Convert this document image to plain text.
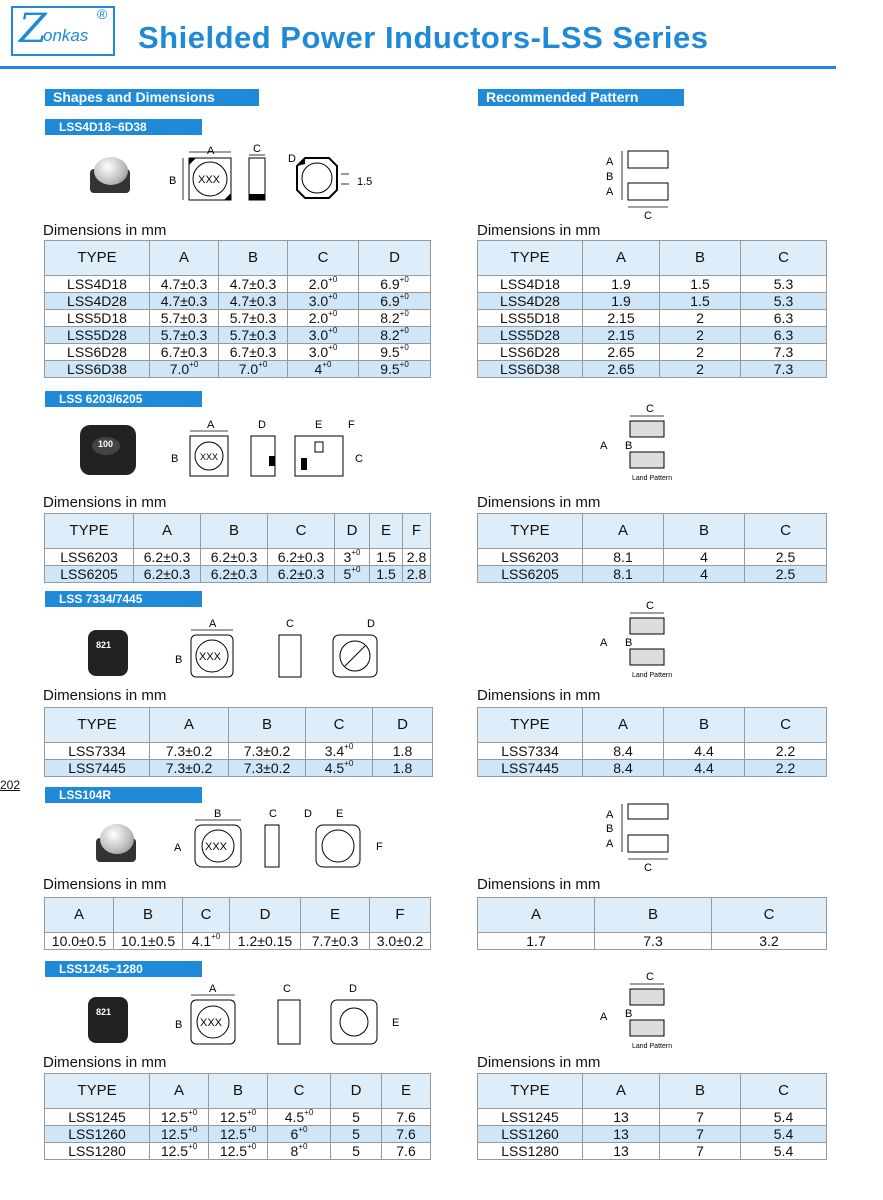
Z
onkas
®
Shielded Power Inductors-LSS Series
202
Shapes and Dimensions	Recommended Pattern
LSS4D18~6D38
LSS 6203/6205
LSS 7334/7445
LSS104R
LSS1245~1280
Dimensions in mm	Dimensions in mm
Dimensions in mm	Dimensions in mm
Dimensions in mm	Dimensions in mm
Dimensions in mm	Dimensions in mm
Dimensions in mm	Dimensions in mm
A
XXX
B
C
D
1.5
A
B
A
C
100
A
XXX
B
D	E F
C
C
A B
Land Pattern
821
A
XXX
B
C	D
C
A B
Land Pattern
B
XXX
A
C D E
F
A
B
A
C
821
A
XXX
B
C	D
E
C
A B
Land Pattern
TYPE	A	B	C	D
LSS4D18	4.7±0.3	4.7±0.3	$2.0^{+0}$	$6.9^{+0}$
LSS4D28	4.7±0.3	4.7±0.3	$3.0^{+0}$	$6.9^{+0}$
LSS5D18	5.7±0.3	5.7±0.3	$2.0^{+0}$	$8.2^{+0}$
LSS5D28	5.7±0.3	5.7±0.3	$3.0^{+0}$	$8.2^{+0}$
LSS6D28	6.7±0.3	6.7±0.3	$3.0^{+0}$	$9.5^{+0}$
LSS6D38	$7.0^{+0}$	$7.0^{+0}$	$4^{+0}$	$9.5^{+0}$
TYPE	A	B	C
LSS4D18	1.9	1.5	5.3
LSS4D28	1.9	1.5	5.3
LSS5D18	2.15	2	6.3
LSS5D28	2.15	2	6.3
LSS6D28	2.65	2	7.3
LSS6D38	2.65	2	7.3
TYPE	A	B	C	D	E	F
LSS6203	6.2±0.3	6.2±0.3	6.2±0.3	$3^{+0}$	1.5	2.8
LSS6205	6.2±0.3	6.2±0.3	6.2±0.3	$5^{+0}$	1.5	2.8
TYPE	A	B	C
LSS6203	8.1	4	2.5
LSS6205	8.1	4	2.5
TYPE	A	B	C	D
LSS7334	7.3±0.2	7.3±0.2	$3.4^{+0}$	1.8
LSS7445	7.3±0.2	7.3±0.2	$4.5^{+0}$	1.8
TYPE	A	B	C
LSS7334	8.4	4.4	2.2
LSS7445	8.4	4.4	2.2
A	B	C	D	E	F
10.0±0.5	10.1±0.5	$4.1^{+0}$	1.2±0.15	7.7±0.3	3.0±0.2
A	B	C
1.7	7.3	3.2
TYPE	A	B	C	D	E
LSS1245	$12.5^{+0}$	$12.5^{+0}$	$4.5^{+0}$	5	7.6
LSS1260	$12.5^{+0}$	$12.5^{+0}$	$6^{+0}$	5	7.6
LSS1280	$12.5^{+0}$	$12.5^{+0}$	$8^{+0}$	5	7.6
TYPE	A	B	C
LSS1245	13	7	5.4
LSS1260	13	7	5.4
LSS1280	13	7	5.4
